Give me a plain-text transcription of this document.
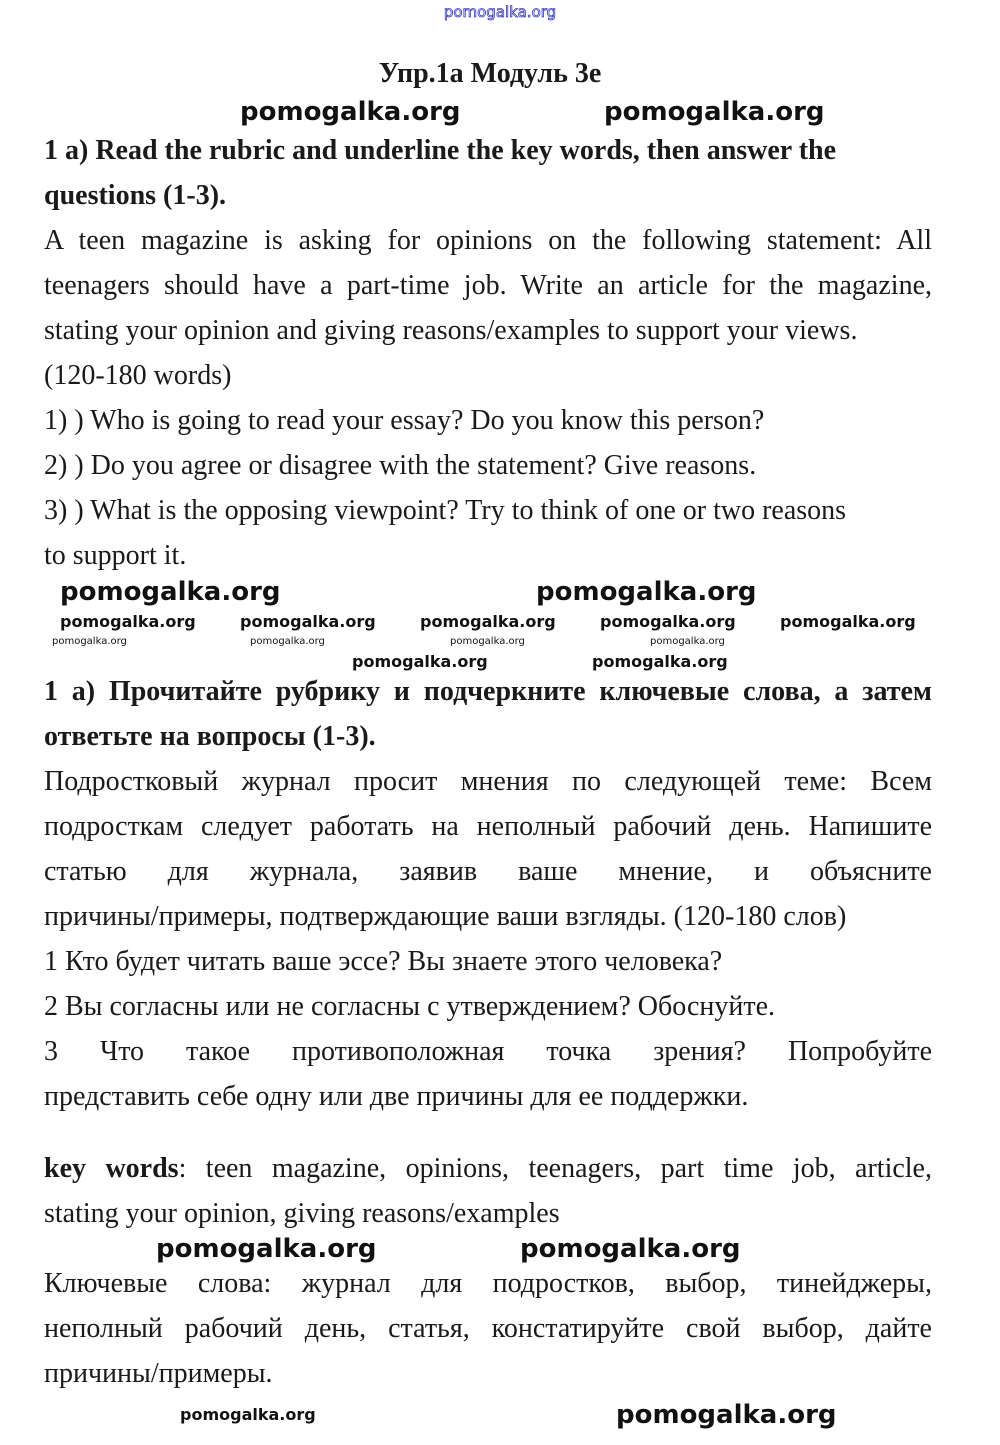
pomogalka.org
Упр.1а Модуль 3е
1 a) Read the rubric and underline the key words, then answer the
questions (1-3).
A teen magazine is asking for opinions on the following statement: All
teenagers should have a part-time job. Write an article for the magazine,
stating your opinion and giving reasons/examples to support your views.
(120-180 words)
1) ) Who is going to read your essay? Do you know this person?
2) ) Do you agree or disagree with the statement? Give reasons.
3) ) What is the opposing viewpoint? Try to think of one or two reasons
to support it.
1 а) Прочитайте рубрику и подчеркните ключевые слова, а затем
ответьте на вопросы (1-3).
Подростковый журнал просит мнения по следующей теме: Всем
подросткам следует работать на неполный рабочий день. Напишите
статью для журнала, заявив ваше мнение, и объясните
причины/примеры, подтверждающие ваши взгляды. (120-180 слов)
1 Кто будет читать ваше эссе? Вы знаете этого человека?
2 Вы согласны или не согласны с утверждением? Обоснуйте.
3 Что такое противоположная точка зрения? Попробуйте
представить себе одну или две причины для ее поддержки.
key words: teen magazine, opinions, teenagers, part time job, article,
stating your opinion, giving reasons/examples
Ключевые слова: журнал для подростков, выбор, тинейджеры,
неполный рабочий день, статья, констатируйте свой выбор, дайте
причины/примеры.
pomogalka.org	pomogalka.org
pomogalka.org	pomogalka.org
pomogalka.org	pomogalka.org	pomogalka.org	pomogalka.org	pomogalka.org
pomogalka.org	pomogalka.org	pomogalka.org	pomogalka.org
pomogalka.org	pomogalka.org
pomogalka.org	pomogalka.org
pomogalka.org	pomogalka.org
